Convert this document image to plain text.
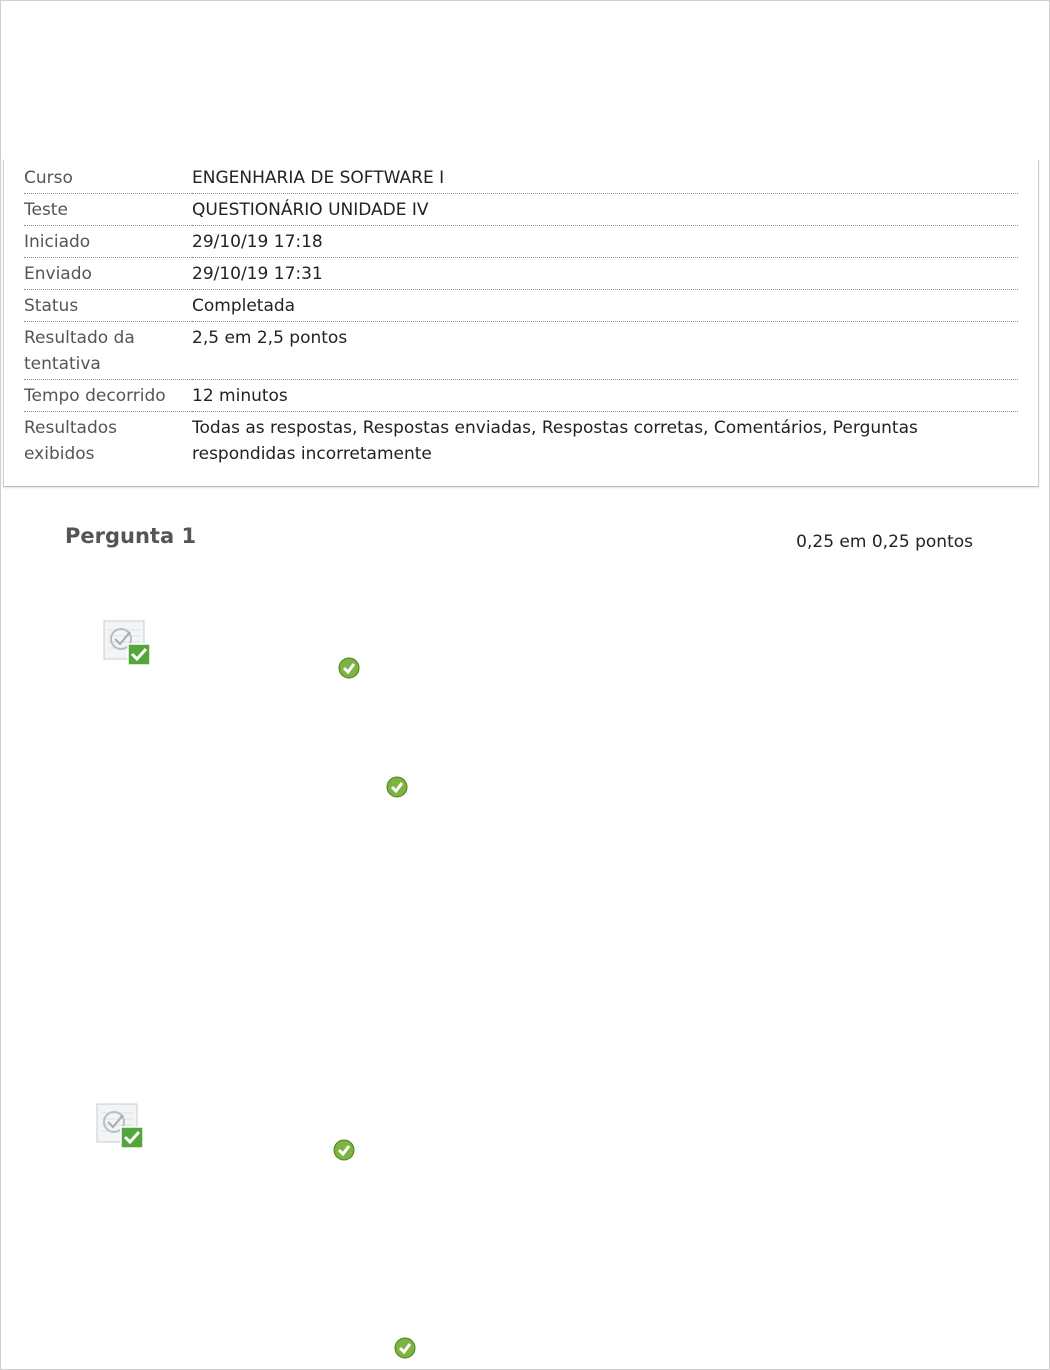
Curso	ENGENHARIA DE SOFTWARE I
Teste	QUESTIONÁRIO UNIDADE IV
Iniciado	29/10/19 17:18
Enviado	29/10/19 17:31
Status	Completada
Resultado da tentativa	2,5 em 2,5 pontos
Tempo decorrido	12 minutos
Resultados exibidos	Todas as respostas, Respostas enviadas, Respostas corretas, Comentários, Perguntas respondidas incorretamente
Pergunta 1	0,25 em 0,25 pontos
